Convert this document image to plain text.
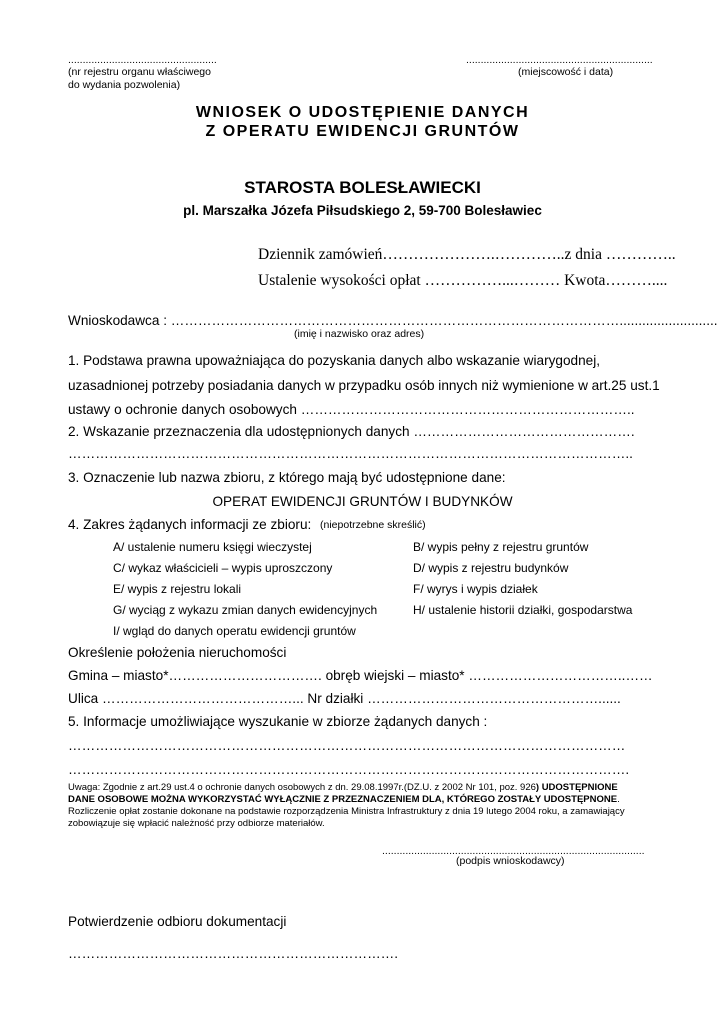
...................................................
(nr rejestru organu właściwego
do wydania pozwolenia)
................................................................
(miejscowość i data)
WNIOSEK O UDOSTĘPIENIE DANYCH
Z OPERATU EWIDENCJI GRUNTÓW
STAROSTA BOLESŁAWIECKI
pl. Marszałka Józefa Piłsudskiego 2, 59-700 Bolesławiec
Dziennik zamówień………………….…………..z dnia …………..
Ustalenie wysokości opłat ……………...……… Kwota………....
Wnioskodawca : ………………………………………………………………………………………..........................
(imię i nazwisko oraz adres)
1. Podstawa prawna upoważniająca do pozyskania danych albo wskazanie wiarygodnej,
uzasadnionej potrzeby posiadania danych w przypadku osób innych niż wymienione w art.25 ust.1
ustawy o ochronie danych osobowych ………………………………………………………………..
2. Wskazanie przeznaczenia dla udostępnionych danych ………………………………………….
……………………………………………………………………………………………………………..
3. Oznaczenie lub nazwa zbioru, z którego mają być udostępnione dane:
OPERAT EWIDENCJI GRUNTÓW I BUDYNKÓW
4. Zakres żądanych informacji ze zbioru: (niepotrzebne skreślić)
A/ ustalenie numeru księgi wieczystej
C/ wykaz właścicieli – wypis uproszczony
E/ wypis z rejestru lokali
G/ wyciąg z wykazu zmian danych ewidencyjnych
I/ wgląd do danych operatu ewidencji gruntów
B/ wypis pełny z rejestru gruntów
D/ wypis z rejestru budynków
F/ wyrys i wypis działek
H/ ustalenie historii działki, gospodarstwa
Określenie położenia nieruchomości
Gmina – miasto*……………………………. obręb wiejski – miasto* ……………………………..……
Ulica ……………………………………... Nr działki ……………………………………………......
5. Informacje umożliwiające wyszukanie w zbiorze żądanych danych :
……………………………………………………………………………………………………………
…………………………………………………………………………………………………………….
Uwaga: Zgodnie z art.29 ust.4 o ochronie danych osobowych z dn. 29.08.1997r.(DZ.U. z 2002 Nr 101, poz. 926) UDOSTĘPNIONE
DANE OSOBOWE MOŻNA WYKORZYSTAĆ WYŁĄCZNIE Z PRZEZNACZENIEM DLA, KTÓREGO ZOSTAŁY UDOSTĘPNONE.
Rozliczenie opłat zostanie dokonane na podstawie rozporządzenia Ministra Infrastruktury z dnia 19 lutego 2004 roku, a zamawiający
zobowiązuje się wpłacić należność przy odbiorze materiałów.
..........................................................................................
(podpis wnioskodawcy)
Potwierdzenie odbioru dokumentacji
……………………………………………………………….
